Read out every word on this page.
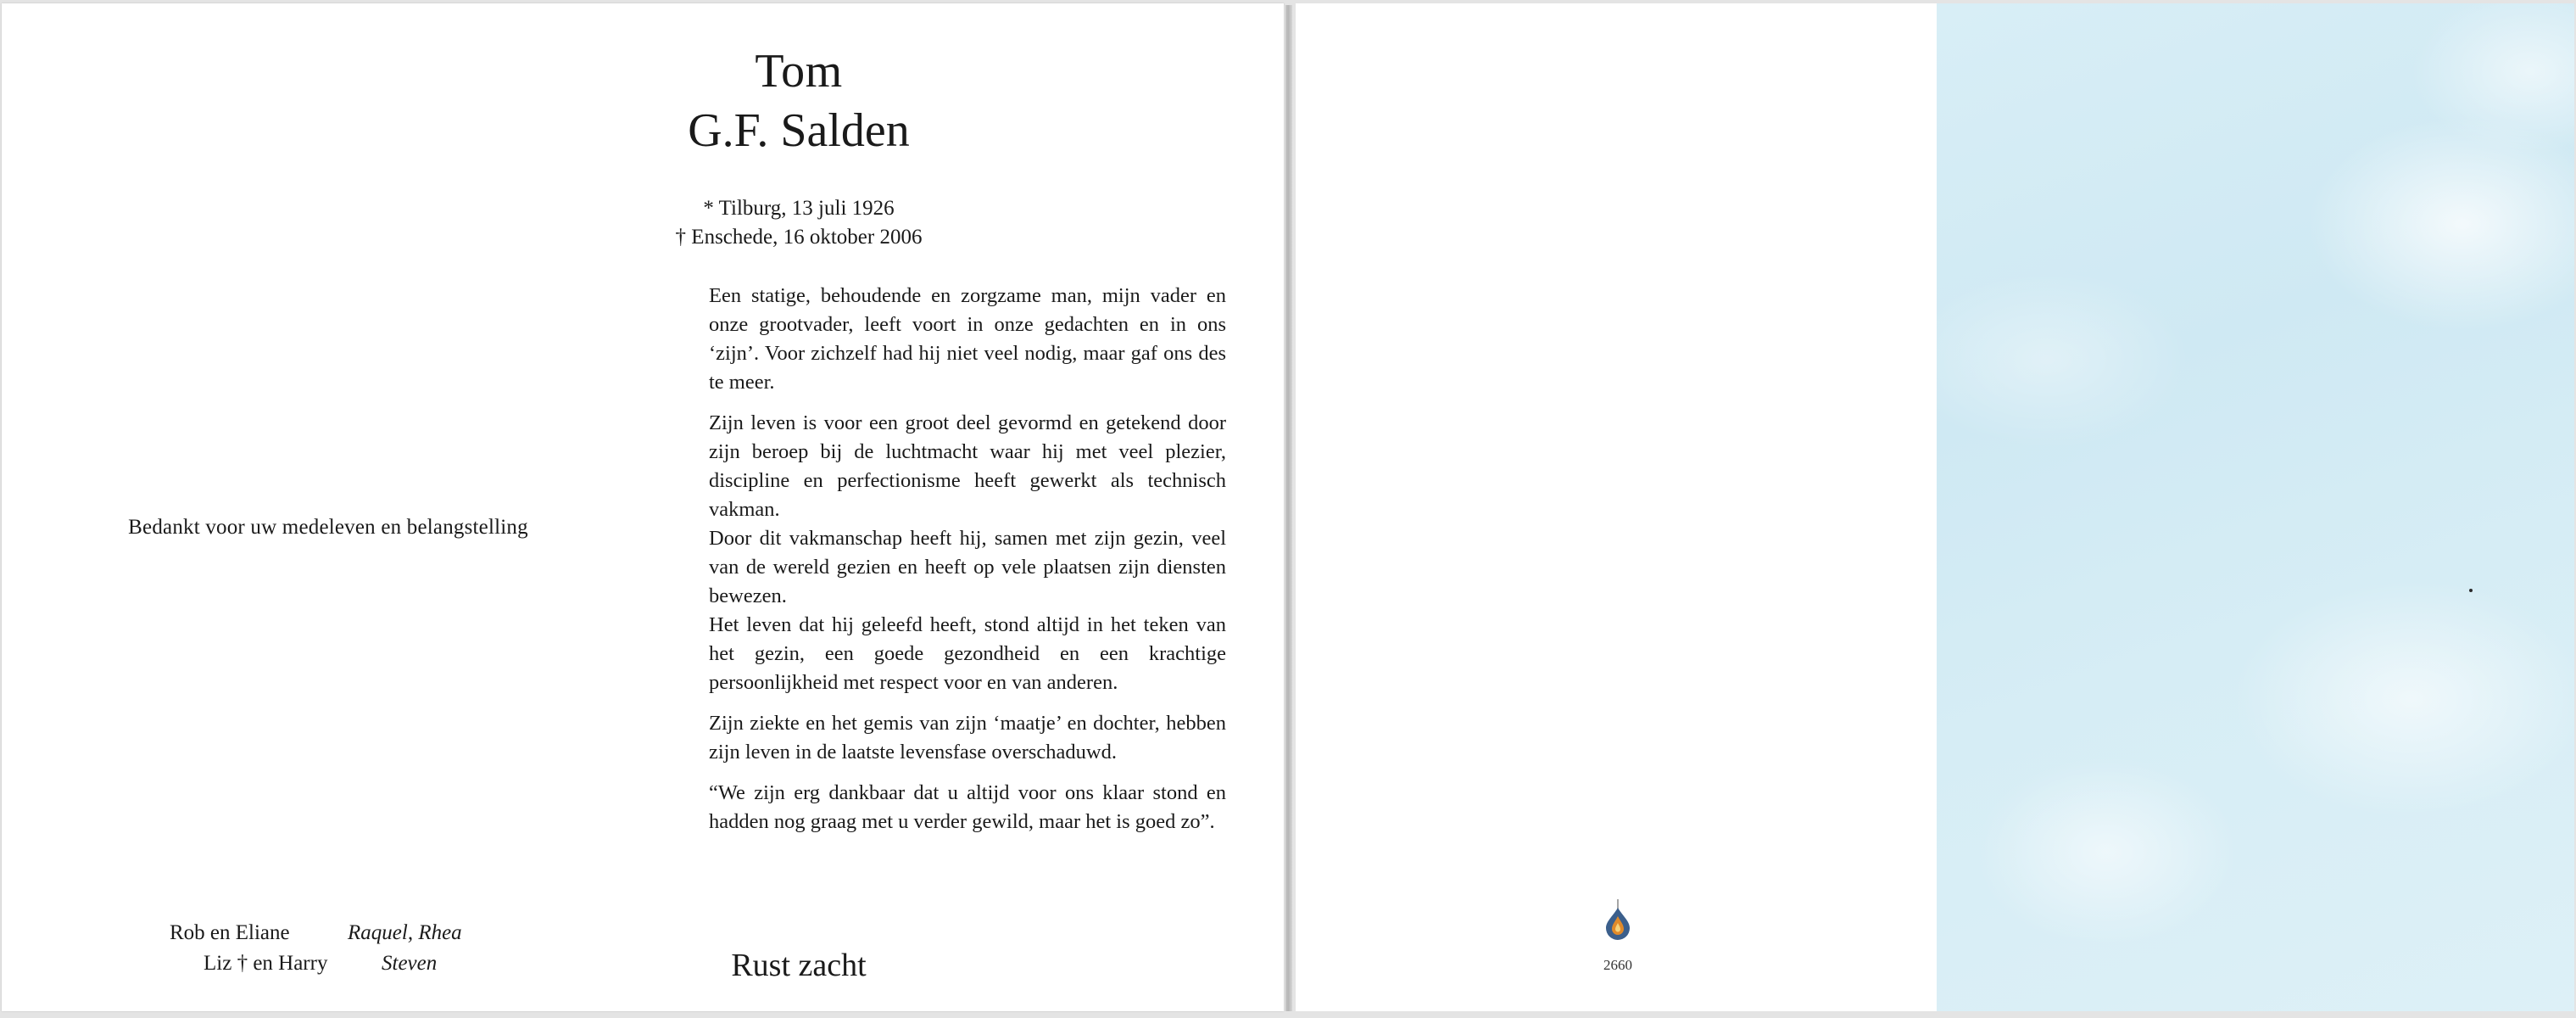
Bedankt voor uw medeleven en belangstelling
Rob en Eliane	Raquel, Rhea
Liz † en Harry	Steven
Tom
G.F. Salden
* Tilburg, 13 juli 1926
† Enschede, 16 oktober 2006

Een statige, behoudende en zorgzame man, mijn vader en onze grootvader, leeft voort in onze gedachten en in ons ‘zijn’. Voor zichzelf had hij niet veel nodig, maar gaf ons des te meer.

Zijn leven is voor een groot deel gevormd en getekend door zijn beroep bij de luchtmacht waar hij met veel plezier, discipline en perfectionisme heeft gewerkt als technisch vakman.

Door dit vakmanschap heeft hij, samen met zijn gezin, veel van de wereld gezien en heeft op vele plaatsen zijn diensten bewezen.

Het leven dat hij geleefd heeft, stond altijd in het teken van het gezin, een goede gezondheid en een krachtige persoonlijkheid met respect voor en van anderen.

Zijn ziekte en het gemis van zijn ‘maatje’ en dochter, hebben zijn leven in de laatste levensfase overschaduwd.

“We zijn erg dankbaar dat u altijd voor ons klaar stond en hadden nog graag met u verder gewild, maar het is goed zo”.

Rust zacht	2660
